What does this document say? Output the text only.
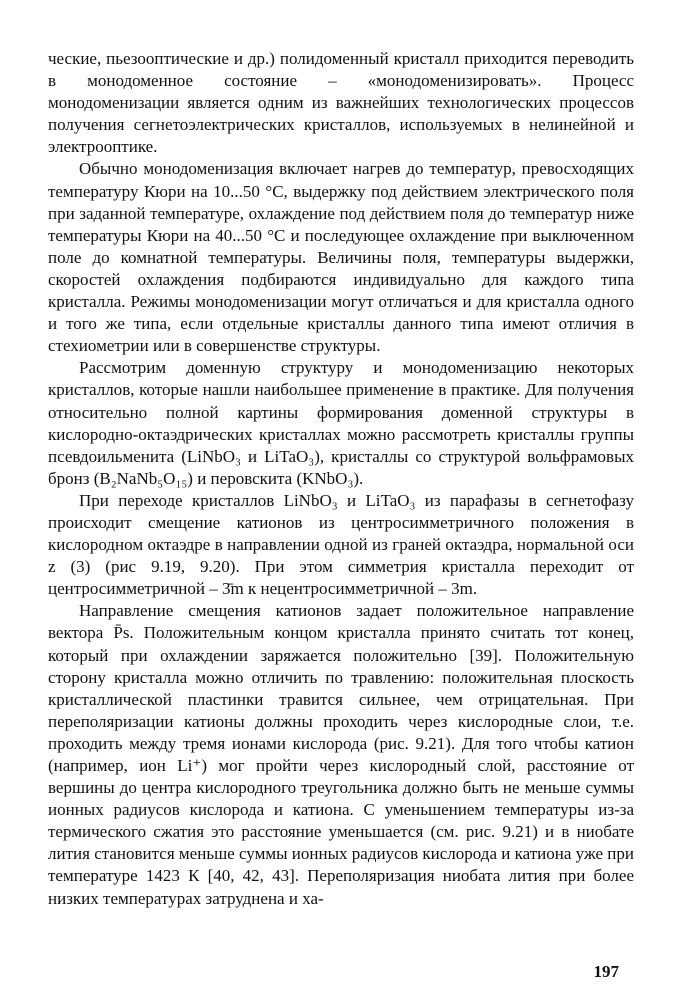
ческие, пьезооптические и др.) полидоменный кристалл приходится переводить в монодоменное состояние – «монодоменизировать». Процесс монодоменизации является одним из важнейших технологических процессов получения сегнетоэлектрических кристаллов, используемых в нелинейной и электрооптике.

Обычно монодоменизация включает нагрев до температур, превосходящих температуру Кюри на 10...50 °С, выдержку под действием электрического поля при заданной температуре, охлаждение под действием поля до температур ниже температуры Кюри на 40...50 °С и последующее охлаждение при выключенном поле до комнатной температуры. Величины поля, температуры выдержки, скоростей охлаждения подбираются индивидуально для каждого типа кристалла. Режимы монодоменизации могут отличаться и для кристалла одного и того же типа, если отдельные кристаллы данного типа имеют отличия в стехиометрии или в совершенстве структуры.

Рассмотрим доменную структуру и монодоменизацию некоторых кристаллов, которые нашли наибольшее применение в практике. Для получения относительно полной картины формирования доменной структуры в кислородно-октаэдрических кристаллах можно рассмотреть кристаллы группы псевдоильменита (LiNbO₃ и LiTaO₃), кристаллы со структурой вольфрамовых бронз (B₂NaNb₅O₁₅) и перовскита (KNbO₃).

При переходе кристаллов LiNbO₃ и LiTaO₃ из парафазы в сегнетофазу происходит смещение катионов из центросимметричного положения в кислородном октаэдре в направлении одной из граней октаэдра, нормальной оси z (3) (рис 9.19, 9.20). При этом симметрия кристалла переходит от центросимметричной – 3̄m к нецентросимметричной – 3m.

Направление смещения катионов задает положительное направление вектора P̄s. Положительным концом кристалла принято считать тот конец, который при охлаждении заряжается положительно [39]. Положительную сторону кристалла можно отличить по травлению: положительная плоскость кристаллической пластинки травится сильнее, чем отрицательная. При переполяризации катионы должны проходить через кислородные слои, т.е. проходить между тремя ионами кислорода (рис. 9.21). Для того чтобы катион (например, ион Li⁺) мог пройти через кислородный слой, расстояние от вершины до центра кислородного треугольника должно быть не меньше суммы ионных радиусов кислорода и катиона. С уменьшением температуры из-за термического сжатия это расстояние уменьшается (см. рис. 9.21) и в ниобате лития становится меньше суммы ионных радиусов кислорода и катиона уже при температуре 1423 К [40, 42, 43]. Переполяризация ниобата лития при более низких температурах затруднена и ха-

197
